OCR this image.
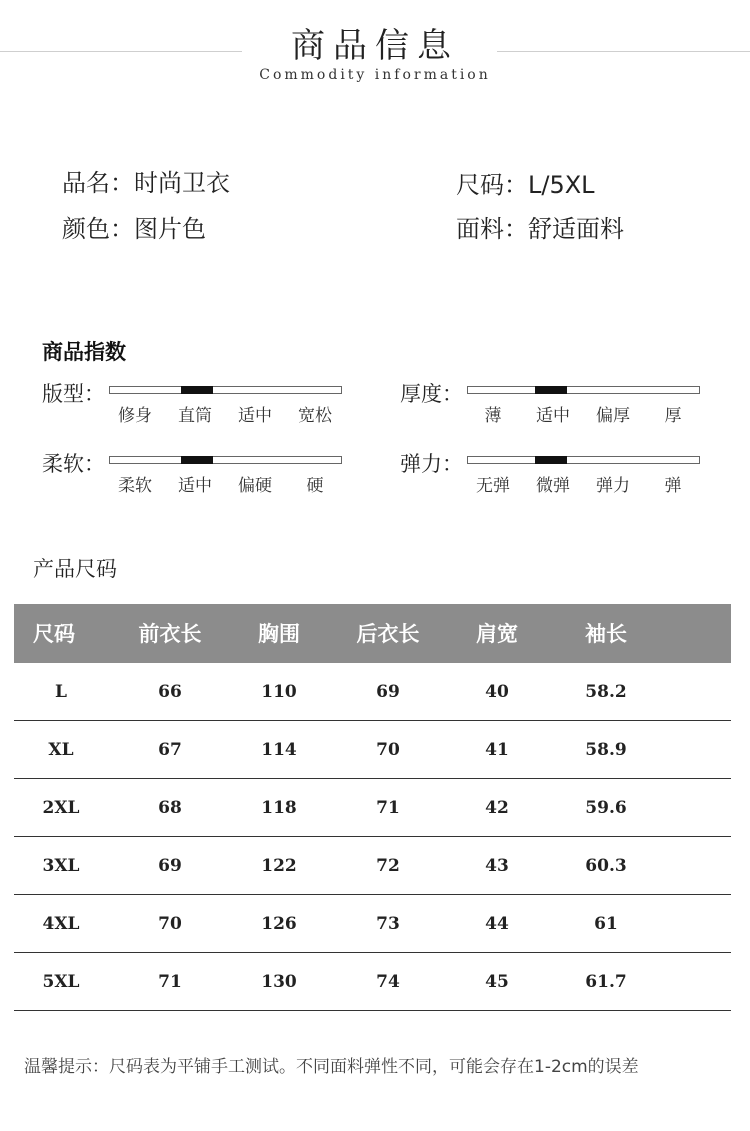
商品信息
Commodity information
品名：时尚卫衣	尺码：L/5XL
颜色：图片色	面料：舒适面料
商品指数
版型：
修身	直筒	适中	宽松
厚度：
薄	适中	偏厚	厚
柔软：
柔软	适中	偏硬	硬
弹力：
无弹	微弹	弹力	弹
产品尺码
尺码	前衣长	胸围	后衣长	肩宽	袖长
L	66	110	69	40	58.2
XL	67	114	70	41	58.9
2XL	68	118	71	42	59.6
3XL	69	122	72	43	60.3
4XL	70	126	73	44	61
5XL	71	130	74	45	61.7
温馨提示：尺码表为平铺手工测试。不同面料弹性不同，可能会存在1-2cm的误差
